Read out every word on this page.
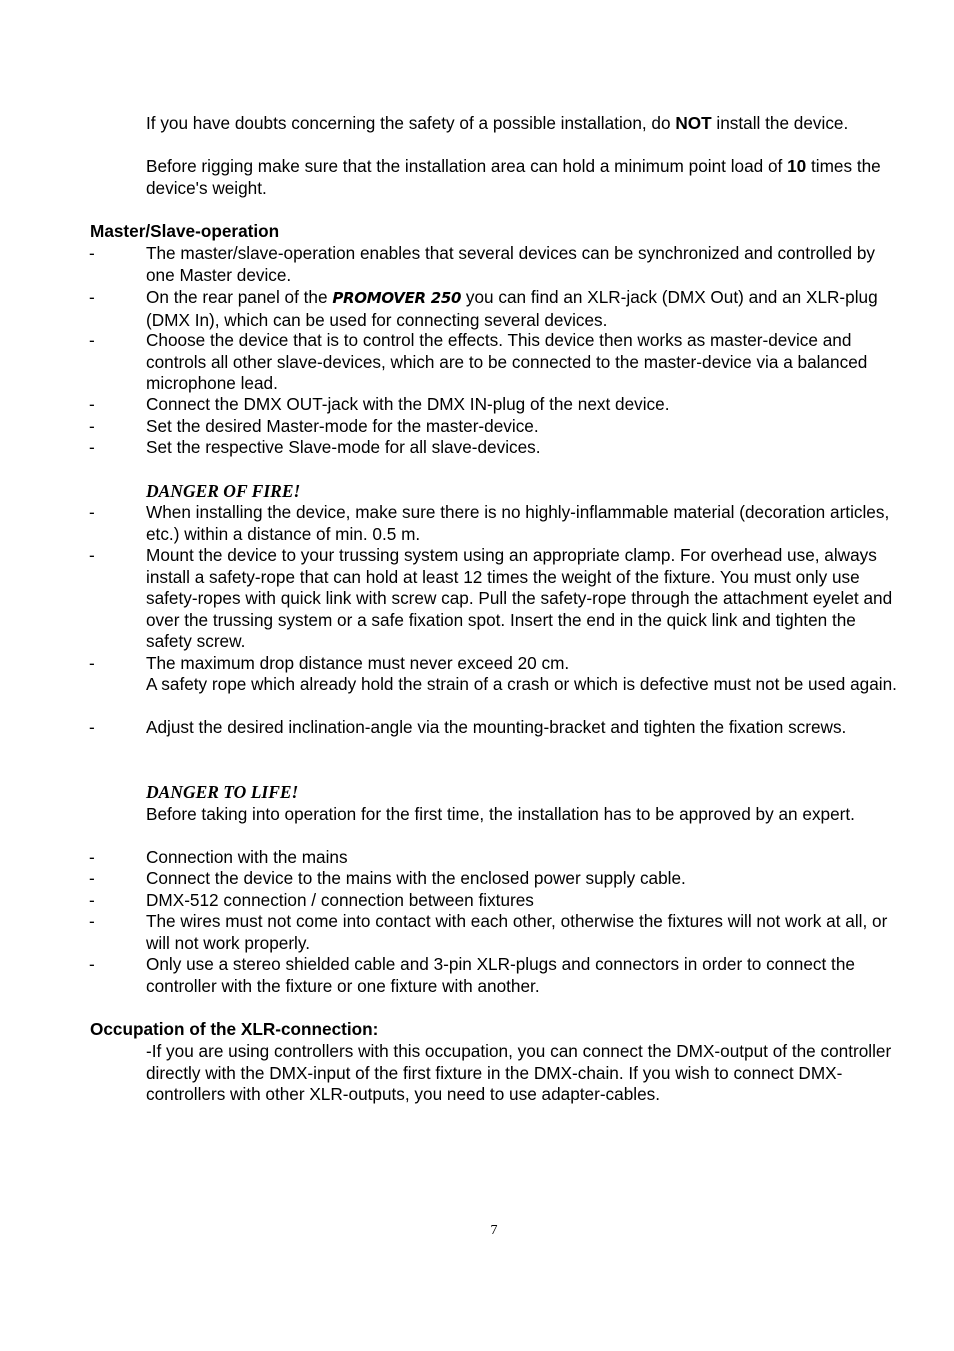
If you have doubts concerning the safety of a possible installation, do NOT install the device.

Before rigging make sure that the installation area can hold a minimum point load of 10 times the device's weight.

Master/Slave-operation

-	The master/slave-operation enables that several devices can be synchronized and controlled by one Master device.
-	On the rear panel of the PROMOVER 250 you can find an XLR-jack (DMX Out) and an XLR-plug (DMX In), which can be used for connecting several devices.
-	Choose the device that is to control the effects. This device then works as master-device and controls all other slave-devices, which are to be connected to the master-device via a balanced microphone lead.
-	Connect the DMX OUT-jack with the DMX IN-plug of the next device.
-	Set the desired Master-mode for the master-device.
-	Set the respective Slave-mode for all slave-devices.
DANGER OF FIRE!
-	When installing the device, make sure there is no highly-inflammable material (decoration articles, etc.) within a distance of min. 0.5 m.
-	Mount the device to your trussing system using an appropriate clamp. For overhead use, always install a safety-rope that can hold at least 12 times the weight of the fixture. You must only use safety-ropes with quick link with screw cap. Pull the safety-rope through the attachment eyelet and over the trussing system or a safe fixation spot. Insert the end in the quick link and tighten the safety screw.
-	The maximum drop distance must never exceed 20 cm.

A safety rope which already hold the strain of a crash or which is defective must not be used again.

-	Adjust the desired inclination-angle via the mounting-bracket and tighten the fixation screws.
DANGER TO LIFE!

Before taking into operation for the first time, the installation has to be approved by an expert.

-	Connection with the mains
-	Connect the device to the mains with the enclosed power supply cable.
-	DMX-512 connection / connection between fixtures
-	The wires must not come into contact with each other, otherwise the fixtures will not work at all, or will not work properly.
-	Only use a stereo shielded cable and 3-pin XLR-plugs and connectors in order to connect the controller with the fixture or one fixture with another.

Occupation of the XLR-connection:

-If you are using controllers with this occupation, you can connect the DMX-output of the controller directly with the DMX-input of the first fixture in the DMX-chain. If you wish to connect DMX-controllers with other XLR-outputs, you need to use adapter-cables.

7
